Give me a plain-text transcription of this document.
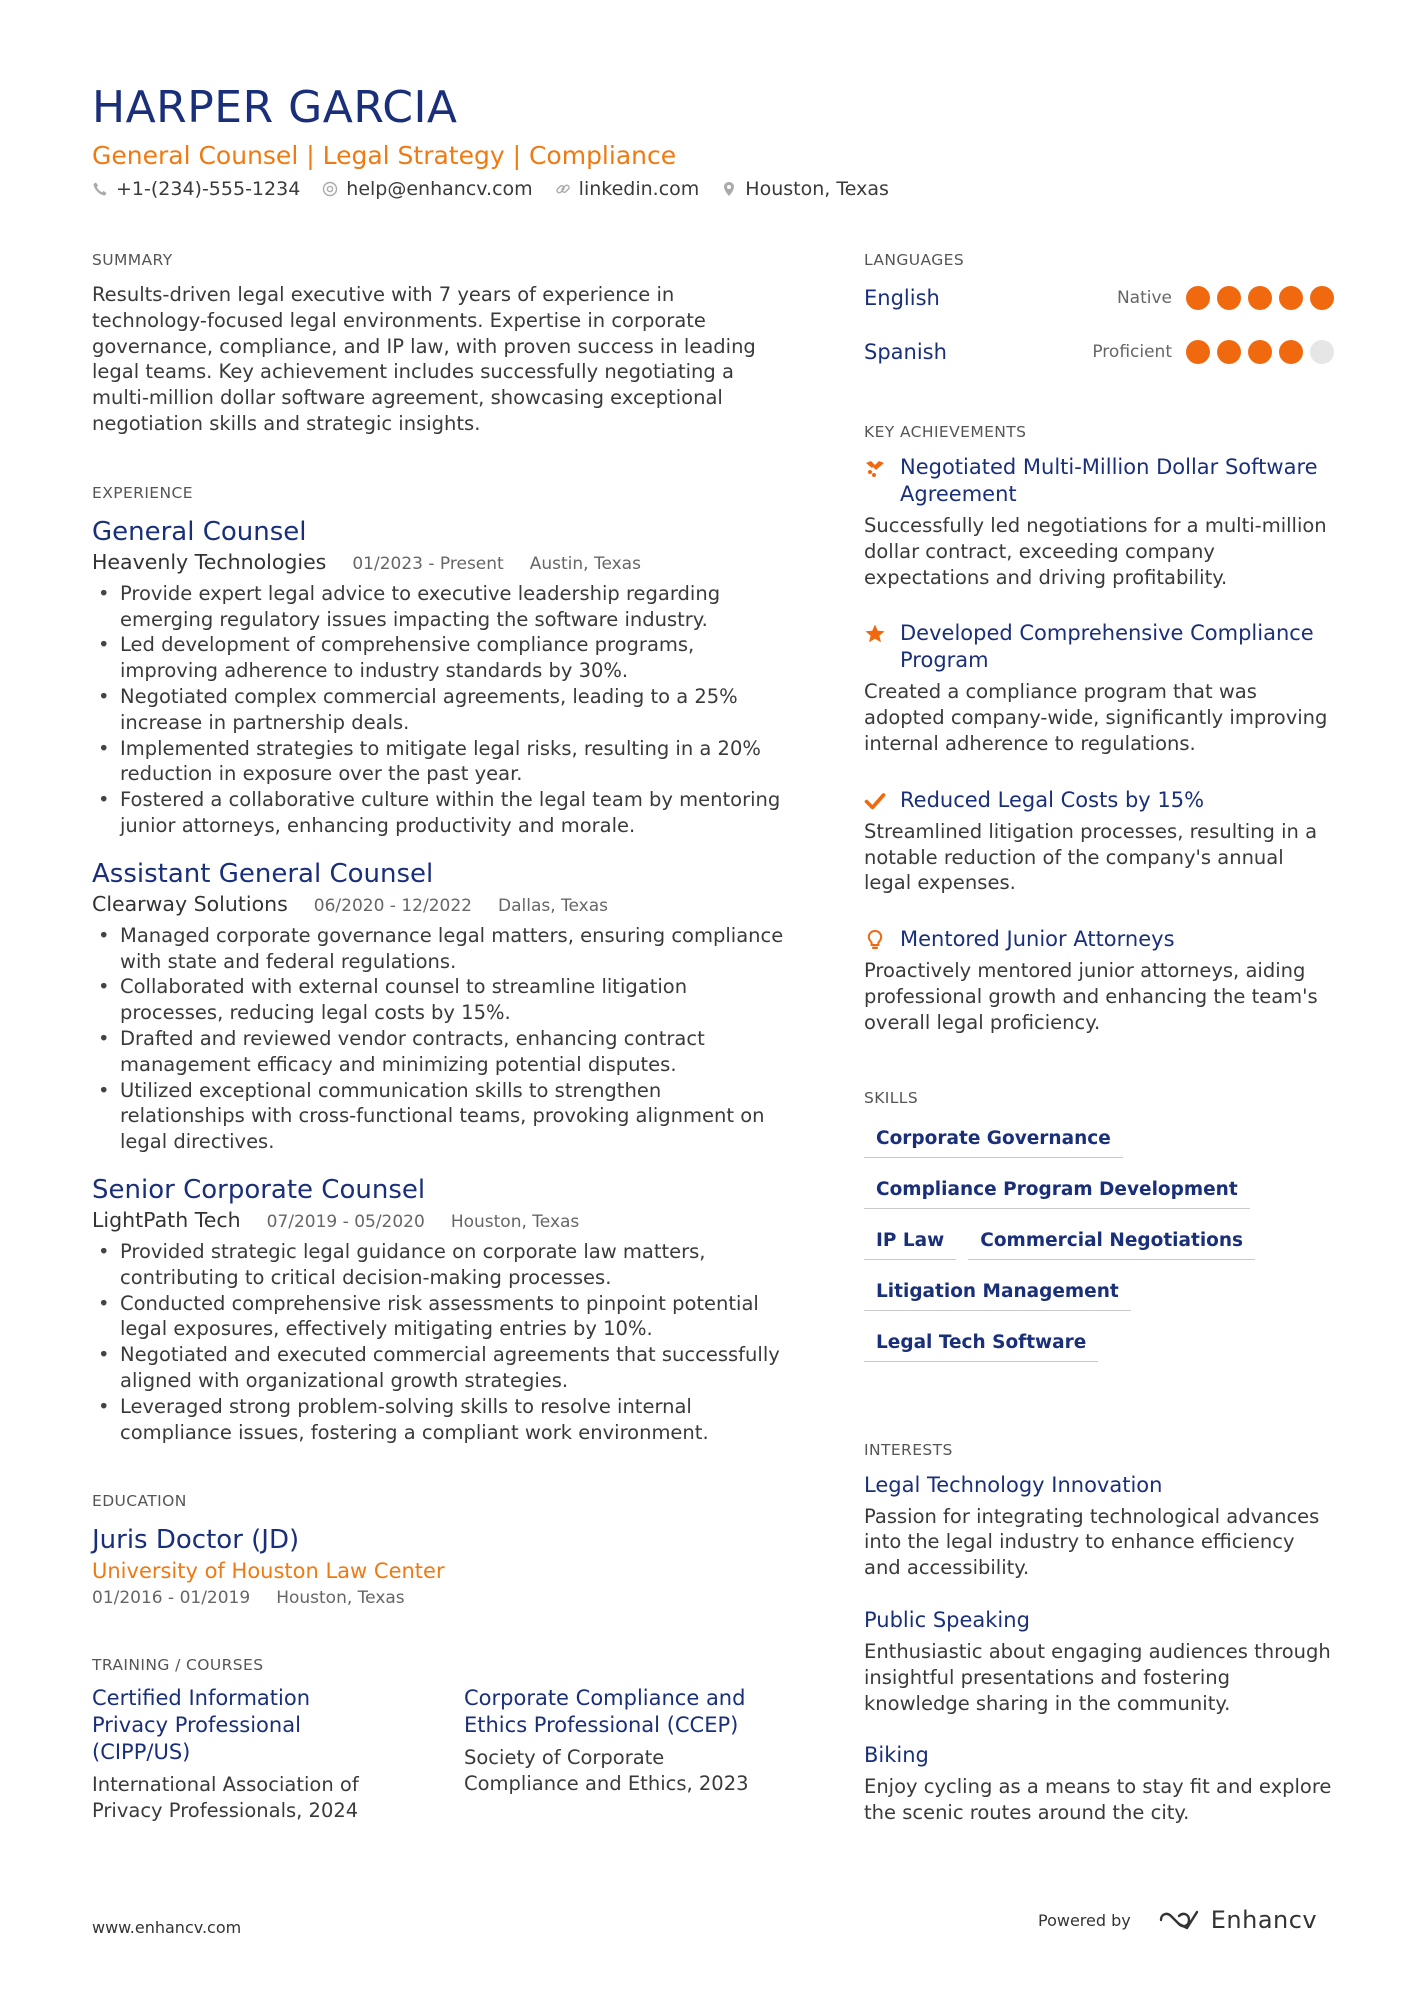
HARPER GARCIA
General Counsel | Legal Strategy | Compliance
+1-(234)-555-1234 help@enhancv.com linkedin.com Houston, Texas
SUMMARY
Results-driven legal executive with 7 years of experience in technology-focused legal environments. Expertise in corporate governance, compliance, and IP law, with proven success in leading legal teams. Key achievement includes successfully negotiating a multi-million dollar software agreement, showcasing exceptional negotiation skills and strategic insights.
EXPERIENCE
General Counsel
Heavenly Technologies 01/2023 - Present Austin, Texas
• Provide expert legal advice to executive leadership regarding emerging regulatory issues impacting the software industry.
• Led development of comprehensive compliance programs, improving adherence to industry standards by 30%.
• Negotiated complex commercial agreements, leading to a 25% increase in partnership deals.
• Implemented strategies to mitigate legal risks, resulting in a 20% reduction in exposure over the past year.
• Fostered a collaborative culture within the legal team by mentoring junior attorneys, enhancing productivity and morale.
Assistant General Counsel
Clearway Solutions 06/2020 - 12/2022 Dallas, Texas
• Managed corporate governance legal matters, ensuring compliance with state and federal regulations.
• Collaborated with external counsel to streamline litigation processes, reducing legal costs by 15%.
• Drafted and reviewed vendor contracts, enhancing contract management efficacy and minimizing potential disputes.
• Utilized exceptional communication skills to strengthen relationships with cross-functional teams, provoking alignment on legal directives.
Senior Corporate Counsel
LightPath Tech 07/2019 - 05/2020 Houston, Texas
• Provided strategic legal guidance on corporate law matters, contributing to critical decision-making processes.
• Conducted comprehensive risk assessments to pinpoint potential legal exposures, effectively mitigating entries by 10%.
• Negotiated and executed commercial agreements that successfully aligned with organizational growth strategies.
• Leveraged strong problem-solving skills to resolve internal compliance issues, fostering a compliant work environment.
EDUCATION
Juris Doctor (JD)
University of Houston Law Center
01/2016 - 01/2019 Houston, Texas
TRAINING / COURSES
Certified Information Privacy Professional (CIPP/US)
International Association of Privacy Professionals, 2024
Corporate Compliance and Ethics Professional (CCEP)
Society of Corporate Compliance and Ethics, 2023
LANGUAGES
English	Native
Spanish	Proficient
KEY ACHIEVEMENTS
Negotiated Multi-Million Dollar Software Agreement
Successfully led negotiations for a multi-million dollar contract, exceeding company expectations and driving profitability.
Developed Comprehensive Compliance Program
Created a compliance program that was adopted company-wide, significantly improving internal adherence to regulations.
Reduced Legal Costs by 15%
Streamlined litigation processes, resulting in a notable reduction of the company's annual legal expenses.
Mentored Junior Attorneys
Proactively mentored junior attorneys, aiding professional growth and enhancing the team's overall legal proficiency.
SKILLS
Corporate Governance
Compliance Program Development
IP Law	Commercial Negotiations
Litigation Management
Legal Tech Software
INTERESTS
Legal Technology Innovation
Passion for integrating technological advances into the legal industry to enhance efficiency and accessibility.
Public Speaking
Enthusiastic about engaging audiences through insightful presentations and fostering knowledge sharing in the community.
Biking
Enjoy cycling as a means to stay fit and explore the scenic routes around the city.
www.enhancv.com	Powered by	Enhancv
